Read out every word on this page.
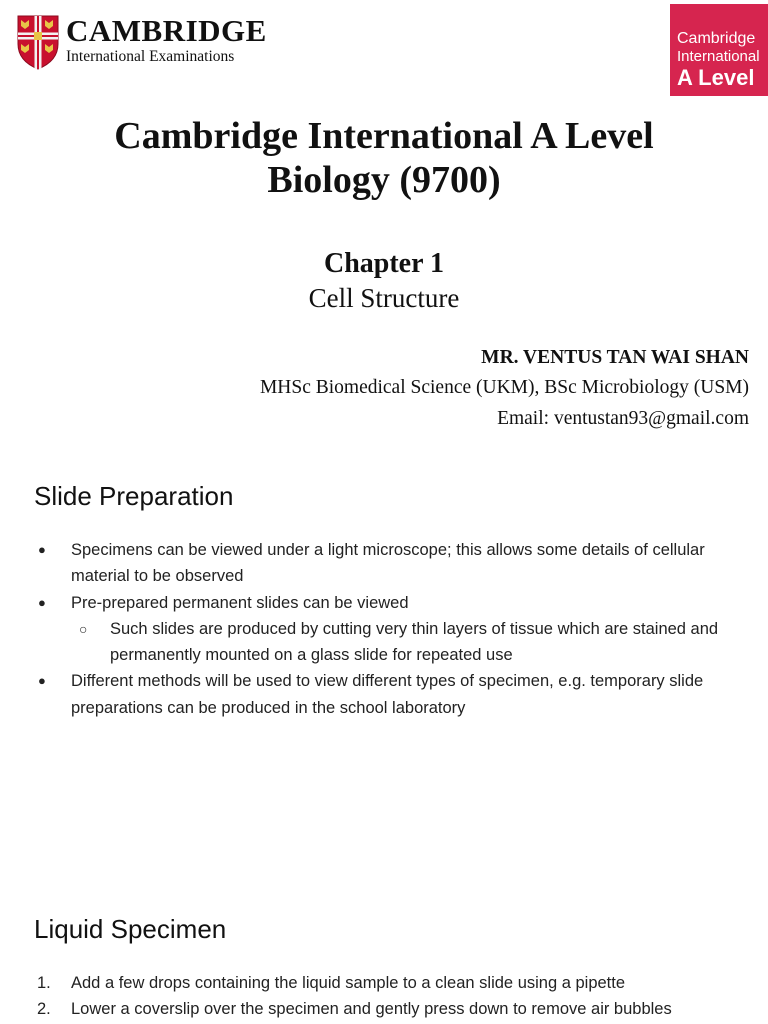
CAMBRIDGE
International Examinations
Cambridge
International
A Level
Cambridge International A Level
Biology (9700)
Chapter 1
Cell Structure
MR. VENTUS TAN WAI SHAN
MHSc Biomedical Science (UKM), BSc Microbiology (USM)
Email: ventustan93@gmail.com
Slide Preparation
●	Specimens can be viewed under a light microscope; this allows some details of cellular material to be observed
●	Pre-prepared permanent slides can be viewed
○	Such slides are produced by cutting very thin layers of tissue which are stained and permanently mounted on a glass slide for repeated use
●	Different methods will be used to view different types of specimen, e.g. temporary slide preparations can be produced in the school laboratory
Liquid Specimen
1.	Add a few drops containing the liquid sample to a clean slide using a pipette
2.	Lower a coverslip over the specimen and gently press down to remove air bubbles
